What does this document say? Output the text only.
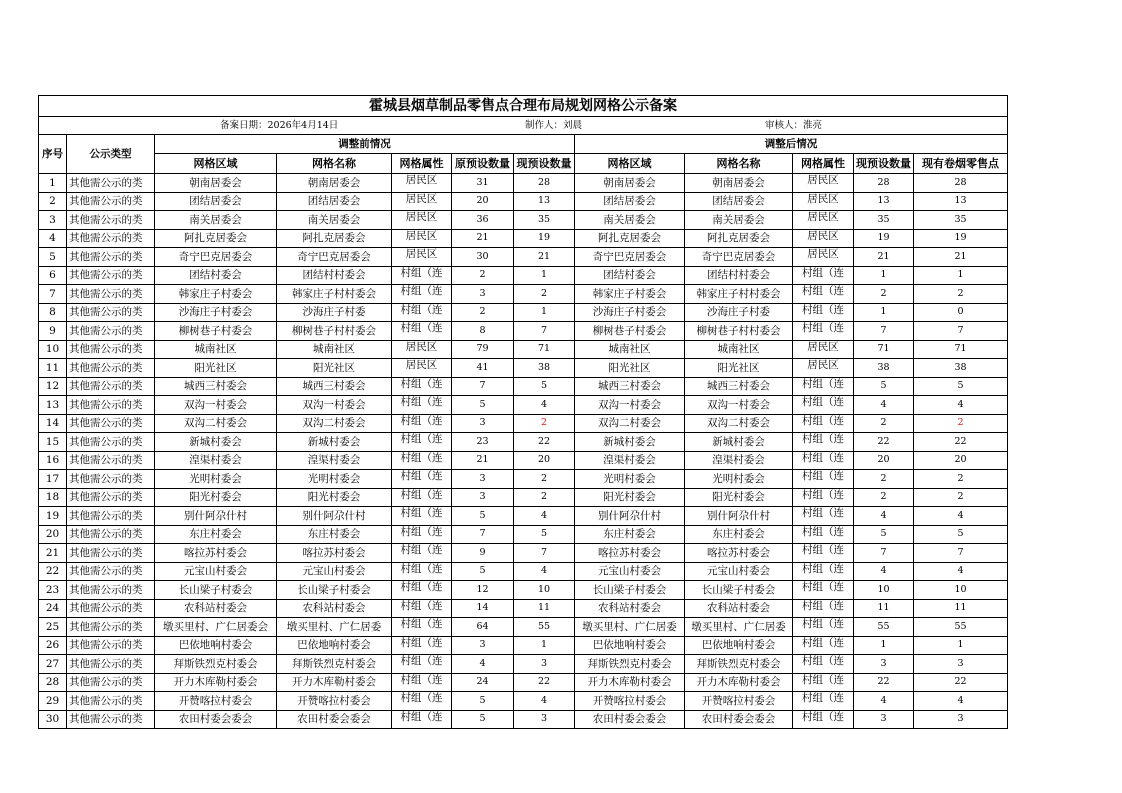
霍城县烟草制品零售点合理布局规划网格公示备案											

备案日期：2026年4月14日 制作人：刘晨 审核人：淮亮											

序号	公示类型	调整前情况					调整后情况				
		网格区域	网格名称	网格属性	原预设数量	现预设数量	网格区域	网格名称	网格属性	现预设数量	现有卷烟零售点
1	其他需公示的类	朝南居委会	朝南居委会	居民区	31	28	朝南居委会	朝南居委会	居民区	28	28
2	其他需公示的类	团结居委会	团结居委会	居民区	20	13	团结居委会	团结居委会	居民区	13	13
3	其他需公示的类	南关居委会	南关居委会	居民区	36	35	南关居委会	南关居委会	居民区	35	35
4	其他需公示的类	阿扎克居委会	阿扎克居委会	居民区	21	19	阿扎克居委会	阿扎克居委会	居民区	19	19
5	其他需公示的类	奇宁巴克居委会	奇宁巴克居委会	居民区	30	21	奇宁巴克居委会	奇宁巴克居委会	居民区	21	21
6	其他需公示的类	团结村委会	团结村村委会	村组（连	2	1	团结村委会	团结村村委会	村组（连	1	1
7	其他需公示的类	韩家庄子村委会	韩家庄子村村委会	村组（连	3	2	韩家庄子村委会	韩家庄子村村委会	村组（连	2	2
8	其他需公示的类	沙海庄子村委会	沙海庄子村委	村组（连	2	1	沙海庄子村委会	沙海庄子村委	村组（连	1	0
9	其他需公示的类	柳树巷子村委会	柳树巷子村村委会	村组（连	8	7	柳树巷子村委会	柳树巷子村村委会	村组（连	7	7
10	其他需公示的类	城南社区	城南社区	居民区	79	71	城南社区	城南社区	居民区	71	71
11	其他需公示的类	阳光社区	阳光社区	居民区	41	38	阳光社区	阳光社区	居民区	38	38
12	其他需公示的类	城西三村委会	城西三村委会	村组（连	7	5	城西三村委会	城西三村委会	村组（连	5	5
13	其他需公示的类	双沟一村委会	双沟一村委会	村组（连	5	4	双沟一村委会	双沟一村委会	村组（连	4	4
14	其他需公示的类	双沟二村委会	双沟二村委会	村组（连	3	2	双沟二村委会	双沟二村委会	村组（连	2	2
15	其他需公示的类	新城村委会	新城村委会	村组（连	23	22	新城村委会	新城村委会	村组（连	22	22
16	其他需公示的类	湟渠村委会	湟渠村委会	村组（连	21	20	湟渠村委会	湟渠村委会	村组（连	20	20
17	其他需公示的类	光明村委会	光明村委会	村组（连	3	2	光明村委会	光明村委会	村组（连	2	2
18	其他需公示的类	阳光村委会	阳光村委会	村组（连	3	2	阳光村委会	阳光村委会	村组（连	2	2
19	其他需公示的类	别什阿尕什村	别什阿尕什村	村组（连	5	4	别什阿尕什村	别什阿尕什村	村组（连	4	4
20	其他需公示的类	东庄村委会	东庄村委会	村组（连	7	5	东庄村委会	东庄村委会	村组（连	5	5
21	其他需公示的类	喀拉苏村委会	喀拉苏村委会	村组（连	9	7	喀拉苏村委会	喀拉苏村委会	村组（连	7	7
22	其他需公示的类	元宝山村委会	元宝山村委会	村组（连	5	4	元宝山村委会	元宝山村委会	村组（连	4	4
23	其他需公示的类	长山梁子村委会	长山梁子村委会	村组（连	12	10	长山梁子村委会	长山梁子村委会	村组（连	10	10
24	其他需公示的类	农科站村委会	农科站村委会	村组（连	14	11	农科站村委会	农科站村委会	村组（连	11	11
25	其他需公示的类	墩买里村、广仁居委会	墩买里村、广仁居委	村组（连	64	55	墩买里村、广仁居委	墩买里村、广仁居委	村组（连	55	55
26	其他需公示的类	巴依地响村委会	巴依地响村委会	村组（连	3	1	巴依地响村委会	巴依地响村委会	村组（连	1	1
27	其他需公示的类	拜斯铁烈克村委会	拜斯铁烈克村委会	村组（连	4	3	拜斯铁烈克村委会	拜斯铁烈克村委会	村组（连	3	3
28	其他需公示的类	开力木库勒村委会	开力木库勒村委会	村组（连	24	22	开力木库勒村委会	开力木库勒村委会	村组（连	22	22
29	其他需公示的类	开赞喀拉村委会	开赞喀拉村委会	村组（连	5	4	开赞喀拉村委会	开赞喀拉村委会	村组（连	4	4
30	其他需公示的类	农田村委会委会	农田村委会委会	村组（连	5	3	农田村委会委会	农田村委会委会	村组（连	3	3
